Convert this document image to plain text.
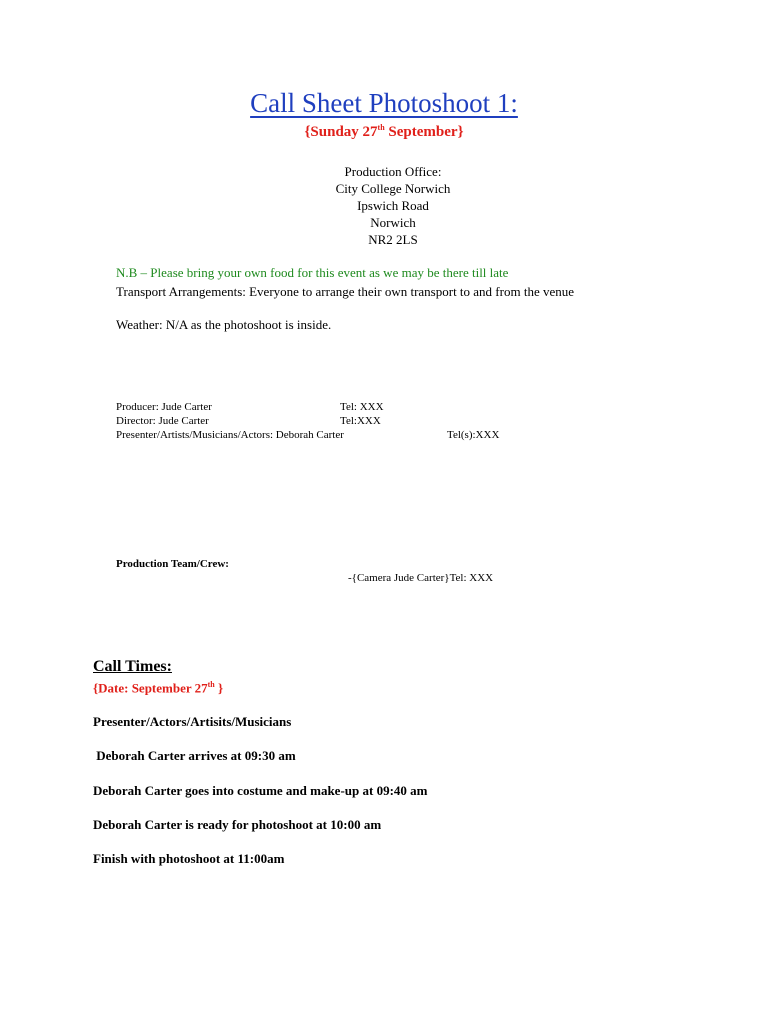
Call Sheet Photoshoot 1:
{Sunday 27th September}
Production Office:
City College Norwich
Ipswich Road
Norwich
NR2 2LS
N.B – Please bring your own food for this event as we may be there till late
Transport Arrangements: Everyone to arrange their own transport to and from the venue
Weather: N/A as the photoshoot is inside.
Producer: Jude Carter	Tel: XXX
Director: Jude Carter	Tel:XXX
Presenter/Artists/Musicians/Actors: Deborah Carter	Tel(s):XXX
Production Team/Crew:
-{Camera Jude Carter}Tel: XXX
Call Times:
{Date: September 27th }
Presenter/Actors/Artisits/Musicians
Deborah Carter arrives at 09:30 am
Deborah Carter goes into costume and make-up at 09:40 am
Deborah Carter is ready for photoshoot at 10:00 am
Finish with photoshoot at 11:00am
